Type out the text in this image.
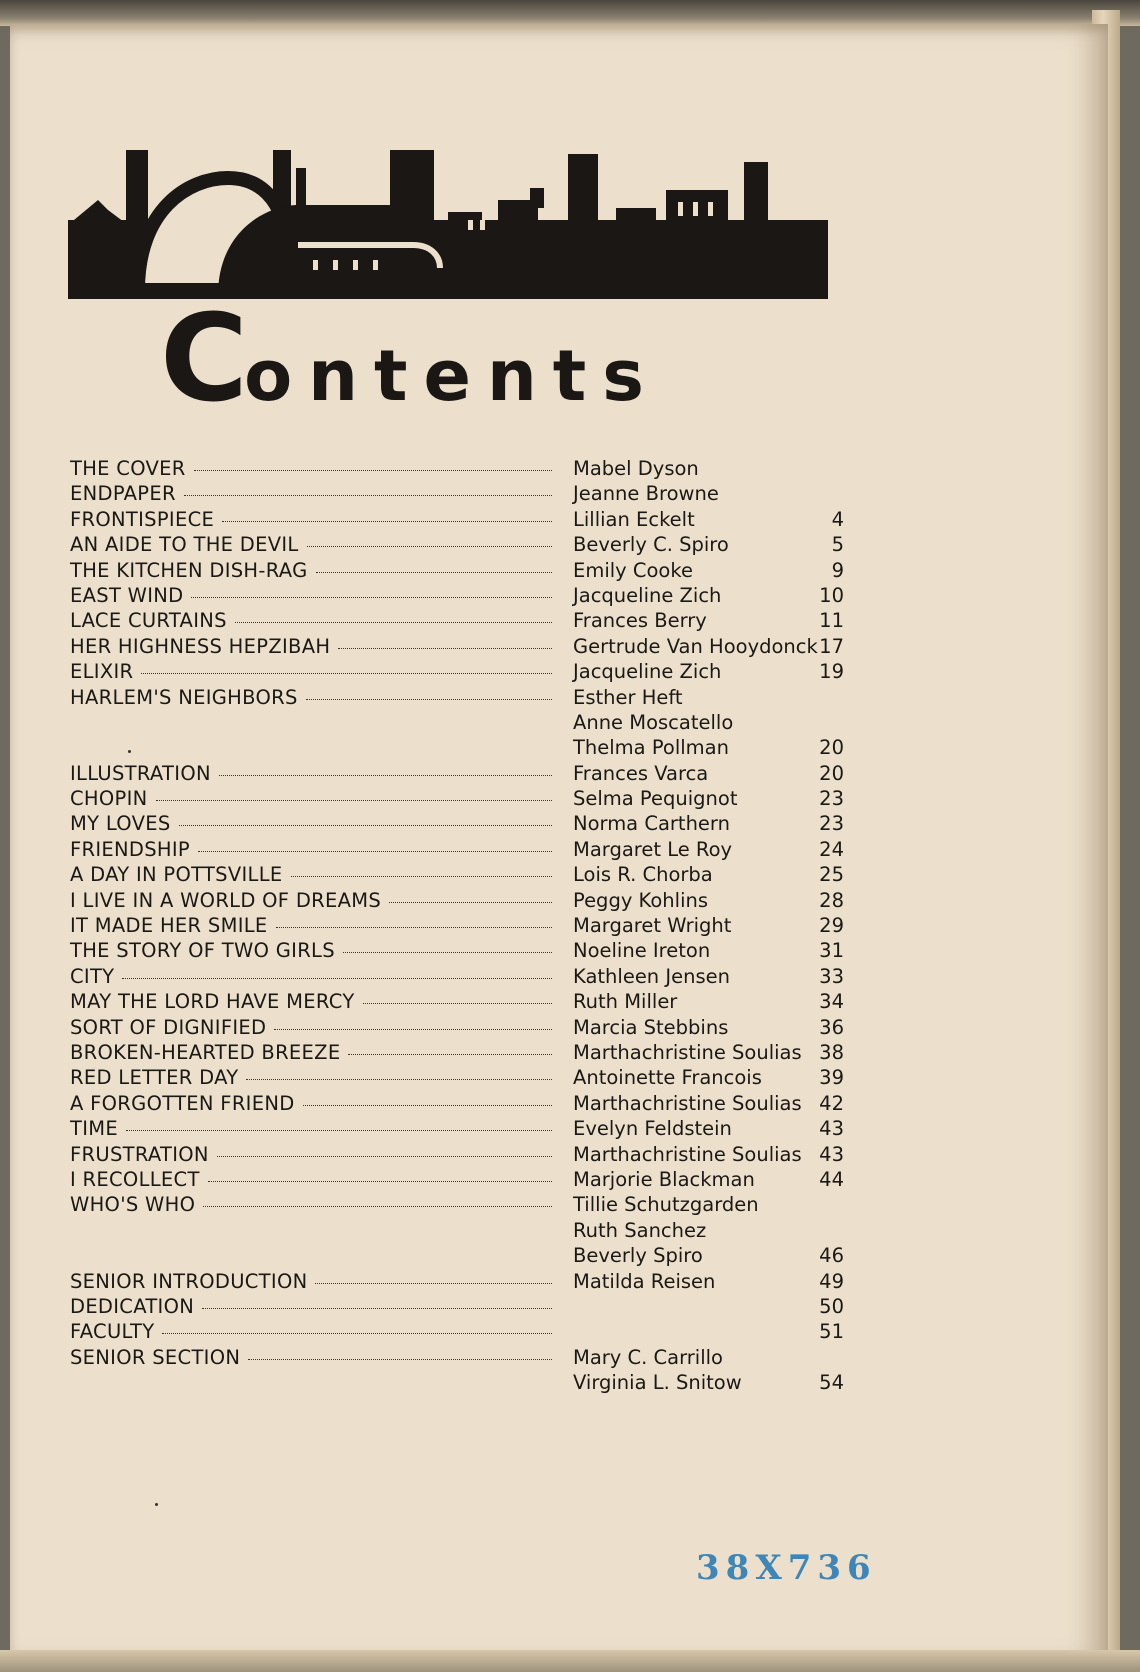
Contents
THE COVER	Mabel Dyson
ENDPAPER	Jeanne Browne
FRONTISPIECE	Lillian Eckelt	4
AN AIDE TO THE DEVIL	Beverly C. Spiro	5
THE KITCHEN DISH-RAG	Emily Cooke	9
EAST WIND	Jacqueline Zich	10
LACE CURTAINS	Frances Berry	11
HER HIGHNESS HEPZIBAH	Gertrude Van Hooydonck 17
ELIXIR	Jacqueline Zich	19
HARLEM'S NEIGHBORS	Esther Heft
Anne Moscatello
Thelma Pollman	20
ILLUSTRATION	Frances Varca	20
CHOPIN	Selma Pequignot	23
MY LOVES	Norma Carthern	23
FRIENDSHIP	Margaret Le Roy	24
A DAY IN POTTSVILLE	Lois R. Chorba	25
I LIVE IN A WORLD OF DREAMS	Peggy Kohlins	28
IT MADE HER SMILE	Margaret Wright	29
THE STORY OF TWO GIRLS	Noeline Ireton	31
CITY	Kathleen Jensen	33
MAY THE LORD HAVE MERCY	Ruth Miller	34
SORT OF DIGNIFIED	Marcia Stebbins	36
BROKEN-HEARTED BREEZE	Marthachristine Soulias 38
RED LETTER DAY	Antoinette Francois	39
A FORGOTTEN FRIEND	Marthachristine Soulias 42
TIME	Evelyn Feldstein	43
FRUSTRATION	Marthachristine Soulias 43
I RECOLLECT	Marjorie Blackman	44
WHO'S WHO	Tillie Schutzgarden
Ruth Sanchez
Beverly Spiro	46
SENIOR INTRODUCTION	Matilda Reisen	49
DEDICATION	50
FACULTY	51
SENIOR SECTION	Mary C. Carrillo
Virginia L. Snitow	54
38X736
